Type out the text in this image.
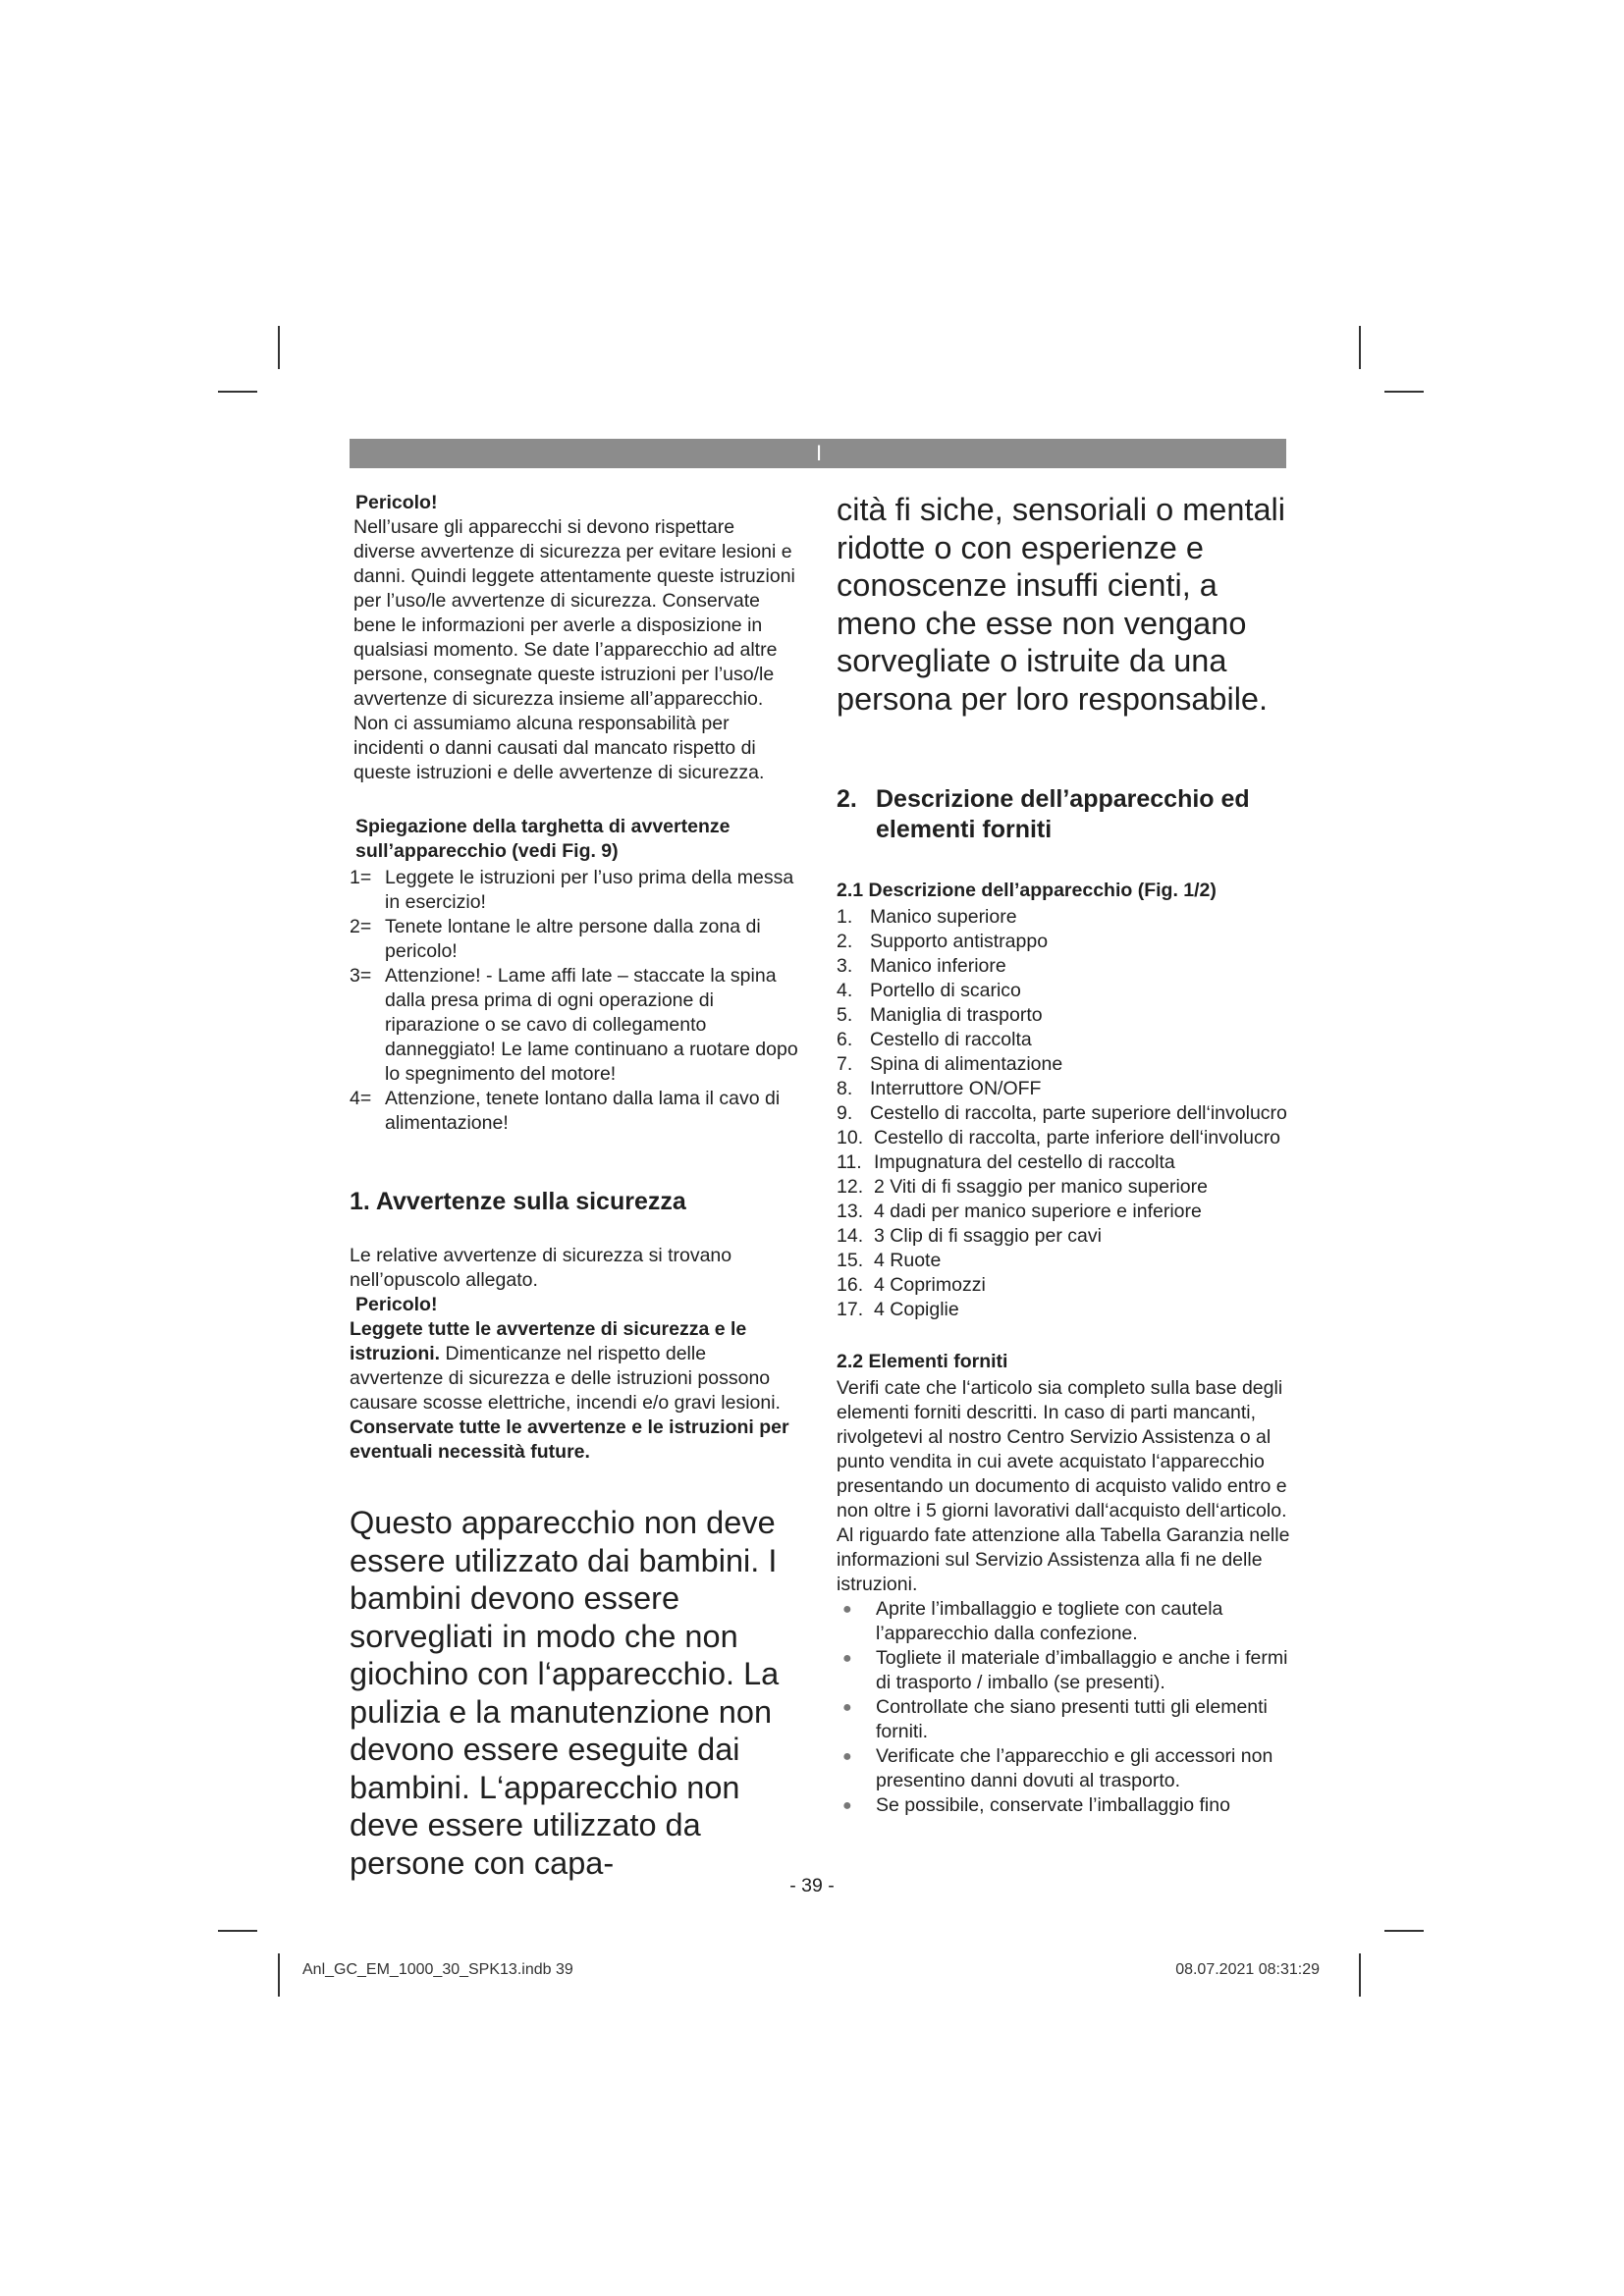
I

Pericolo!

Nell’usare gli apparecchi si devono rispettare diverse avvertenze di sicurezza per evitare lesioni e danni. Quindi leggete attentamente queste istruzioni per l’uso/le avvertenze di sicurezza. Conservate bene le informazioni per averle a disposizione in qualsiasi momento. Se date l’apparecchio ad altre persone, consegnate queste istruzioni per l’uso/le avvertenze di sicurezza insieme all’apparecchio. Non ci assumiamo alcuna responsabilità per incidenti o danni causati dal mancato rispetto di queste istruzioni e delle avvertenze di sicurezza.

Spiegazione della targhetta di avvertenze sull’apparecchio (vedi Fig. 9)

1= Leggete le istruzioni per l’uso prima della messa in esercizio!
2= Tenete lontane le altre persone dalla zona di pericolo!
3= Attenzione! - Lame affi late – staccate la spina dalla presa prima di ogni operazione di riparazione o se cavo di collegamento danneggiato! Le lame continuano a ruotare dopo lo spegnimento del motore!
4= Attenzione, tenete lontano dalla lama il cavo di alimentazione!

1. Avvertenze sulla sicurezza

Le relative avvertenze di sicurezza si trovano nell’opuscolo allegato.

Pericolo!

Leggete tutte le avvertenze di sicurezza e le istruzioni. Dimenticanze nel rispetto delle avvertenze di sicurezza e delle istruzioni possono causare scosse elettriche, incendi e/o gravi lesioni.

Conservate tutte le avvertenze e le istruzioni per eventuali necessità future.

Questo apparecchio non deve essere utilizzato dai bambini. I bambini devono essere sorvegliati in modo che non giochino con l‘apparecchio. La pulizia e la manutenzione non devono essere eseguite dai bambini. L‘apparecchio non deve essere utilizzato da persone con capa-

cità fi siche, sensoriali o mentali ridotte o con esperienze e conoscenze insuffi cienti, a meno che esse non vengano sorvegliate o istruite da una persona per loro responsabile.

2. Descrizione dell’apparecchio ed elementi forniti

2.1 Descrizione dell’apparecchio (Fig. 1/2)

1. Manico superiore
2. Supporto antistrappo
3. Manico inferiore
4. Portello di scarico
5. Maniglia di trasporto
6. Cestello di raccolta
7. Spina di alimentazione
8. Interruttore ON/OFF
9. Cestello di raccolta, parte superiore dell‘involucro
10. Cestello di raccolta, parte inferiore dell‘involucro
11. Impugnatura del cestello di raccolta
12. 2 Viti di fi ssaggio per manico superiore
13. 4 dadi per manico superiore e inferiore
14. 3 Clip di fi ssaggio per cavi
15. 4 Ruote
16. 4 Coprimozzi
17. 4 Copiglie

2.2 Elementi forniti

Verifi cate che l‘articolo sia completo sulla base degli elementi forniti descritti. In caso di parti mancanti, rivolgetevi al nostro Centro Servizio Assistenza o al punto vendita in cui avete acquistato l‘apparecchio presentando un documento di acquisto valido entro e non oltre i 5 giorni lavorativi dall‘acquisto dell‘articolo. Al riguardo fate attenzione alla Tabella Garanzia nelle informazioni sul Servizio Assistenza alla fi ne delle istruzioni.

● Aprite l’imballaggio e togliete con cautela l’apparecchio dalla confezione.
● Togliete il materiale d’imballaggio e anche i fermi di trasporto / imballo (se presenti).
● Controllate che siano presenti tutti gli elementi forniti.
● Verificate che l’apparecchio e gli accessori non presentino danni dovuti al trasporto.
● Se possibile, conservate l’imballaggio fino
- 39 -
Anl_GC_EM_1000_30_SPK13.indb 39	08.07.2021 08:31:29
